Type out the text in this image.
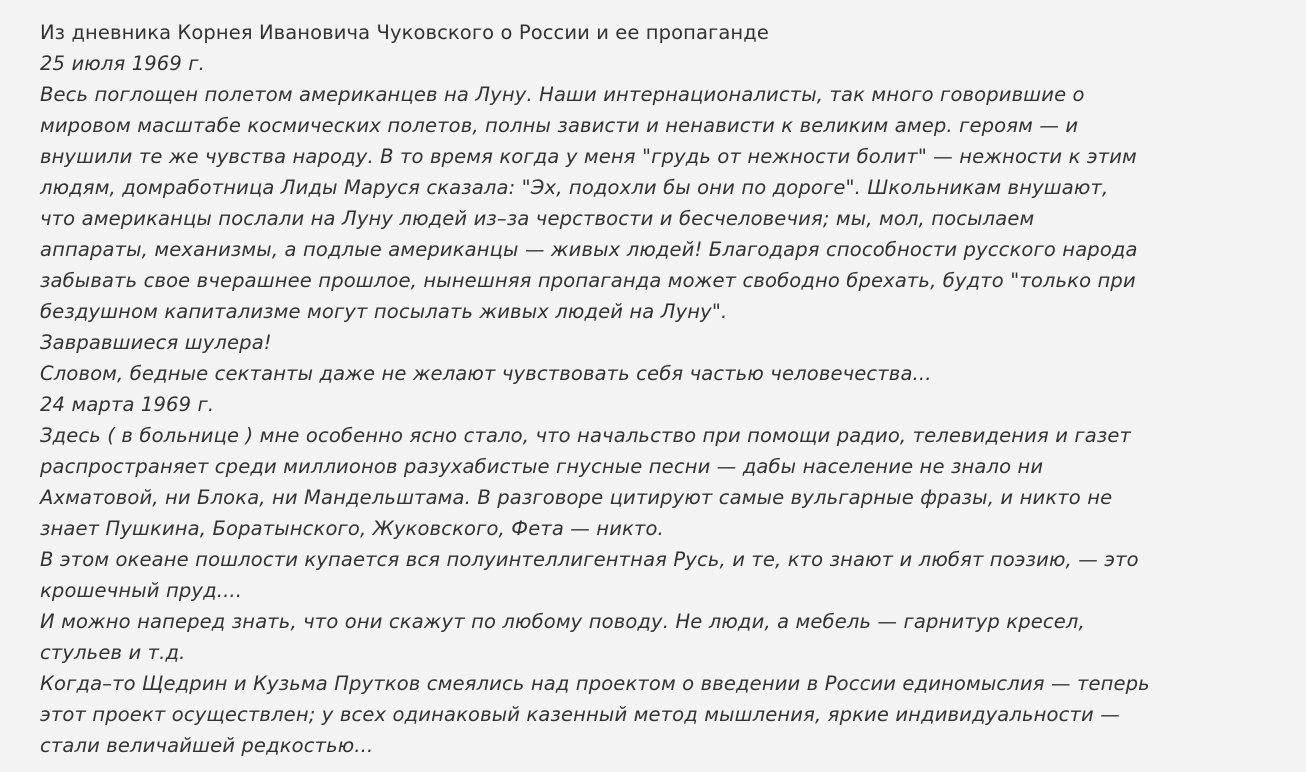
Из дневника Корнея Ивановича Чуковского о России и ее пропаганде
25 июля 1969 г.
Весь поглощен полетом американцев на Луну. Наши интернационалисты, так много говорившие о
мировом масштабе космических полетов, полны зависти и ненависти к великим амер. героям — и
внушили те же чувства народу. В то время когда у меня "грудь от нежности болит" — нежности к этим
людям, домработница Лиды Маруся сказала: "Эх, подохли бы они по дороге". Школьникам внушают,
что американцы послали на Луну людей из–за черствости и бесчеловечия; мы, мол, посылаем
аппараты, механизмы, а подлые американцы — живых людей! Благодаря способности русского народа
забывать свое вчерашнее прошлое, нынешняя пропаганда может свободно брехать, будто "только при
бездушном капитализме могут посылать живых людей на Луну".
Завравшиеся шулера!
Словом, бедные сектанты даже не желают чувствовать себя частью человечества...
24 марта 1969 г.
Здесь ( в больнице ) мне особенно ясно стало, что начальство при помощи радио, телевидения и газет
распространяет среди миллионов разухабистые гнусные песни — дабы население не знало ни
Ахматовой, ни Блока, ни Мандельштама. В разговоре цитируют самые вульгарные фразы, и никто не
знает Пушкина, Боратынского, Жуковского, Фета — никто.
В этом океане пошлости купается вся полуинтеллигентная Русь, и те, кто знают и любят поэзию, — это
крошечный пруд....
И можно наперед знать, что они скажут по любому поводу. Не люди, а мебель — гарнитур кресел,
стульев и т.д.
Когда–то Щедрин и Кузьма Прутков смеялись над проектом о введении в России единомыслия — теперь
этот проект осуществлен; у всех одинаковый казенный метод мышления, яркие индивидуальности —
стали величайшей редкостью...
